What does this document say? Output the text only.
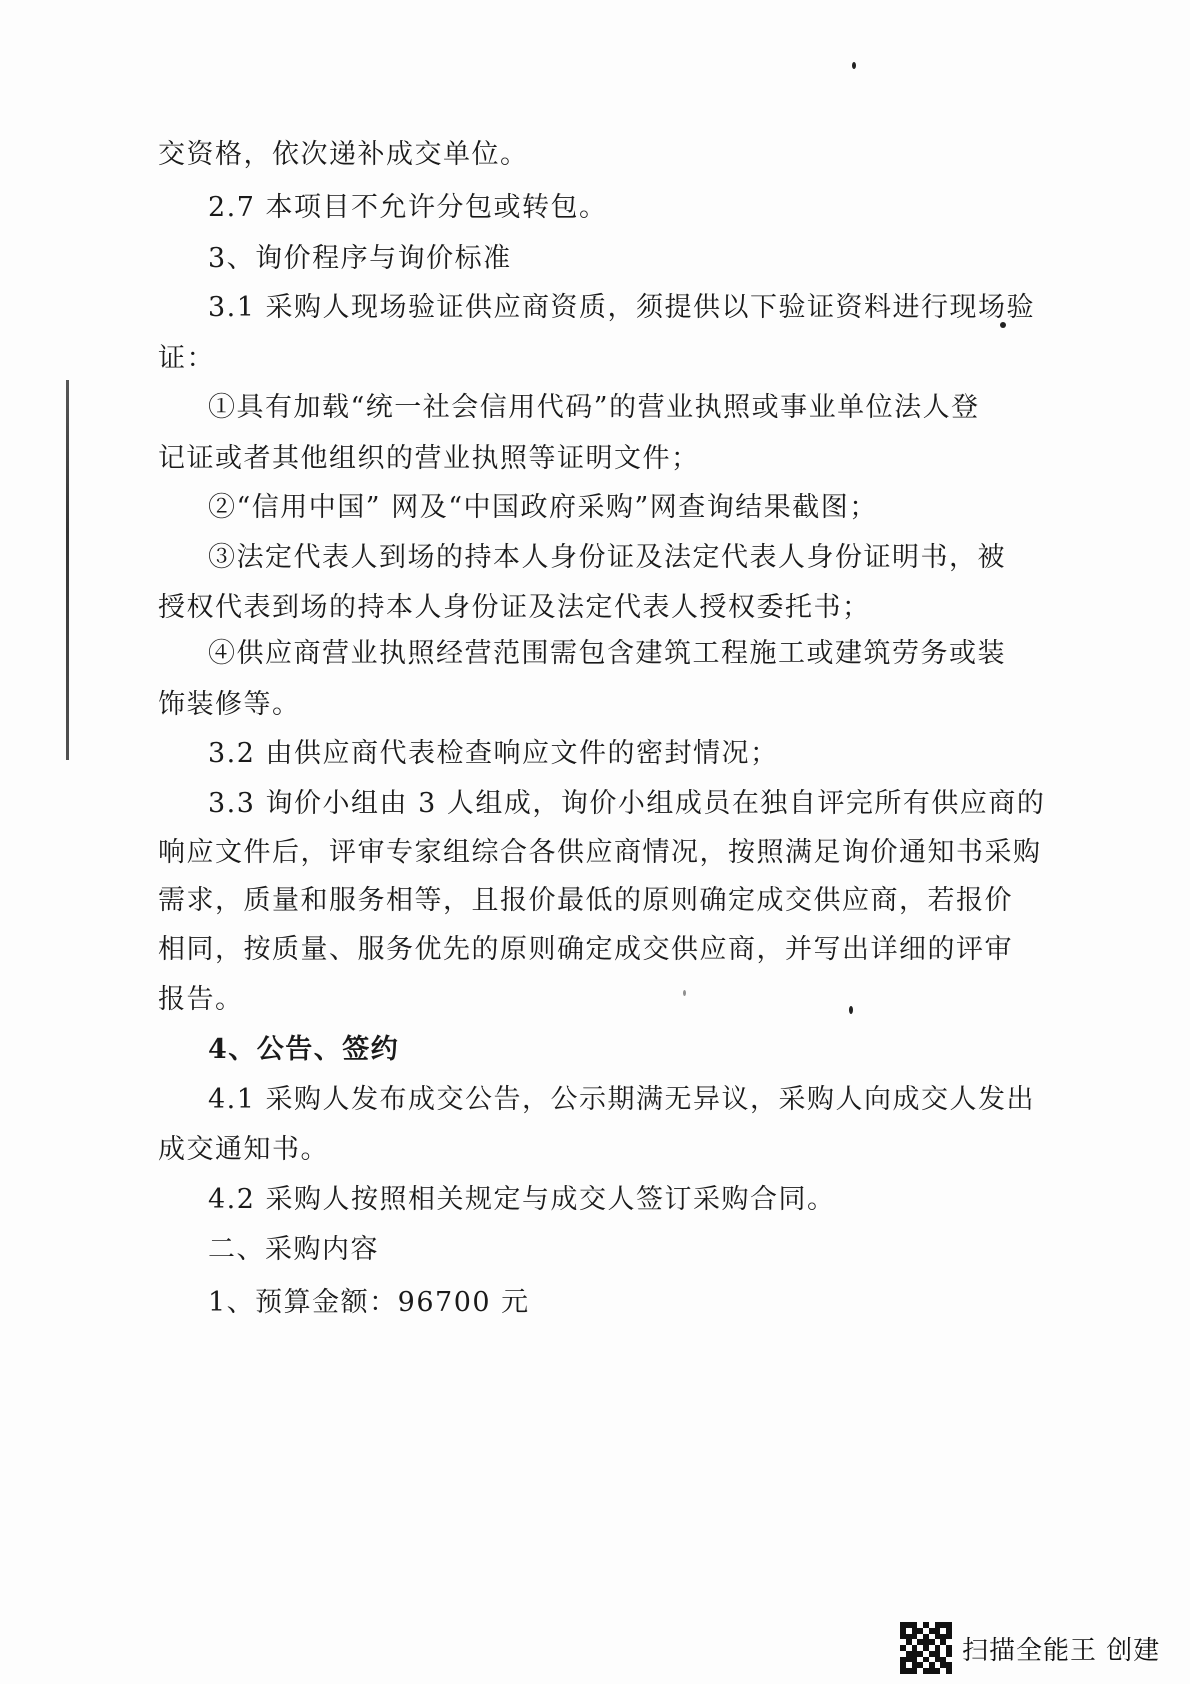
交资格，依次递补成交单位。
2.7 本项目不允许分包或转包。
3、询价程序与询价标准
3.1 采购人现场验证供应商资质，须提供以下验证资料进行现场验
证：
①具有加载“统一社会信用代码”的营业执照或事业单位法人登
记证或者其他组织的营业执照等证明文件；
②“信用中国” 网及“中国政府采购”网查询结果截图；
③法定代表人到场的持本人身份证及法定代表人身份证明书，被
授权代表到场的持本人身份证及法定代表人授权委托书；
④供应商营业执照经营范围需包含建筑工程施工或建筑劳务或装
饰装修等。
3.2 由供应商代表检查响应文件的密封情况；
3.3 询价小组由 3 人组成，询价小组成员在独自评完所有供应商的
响应文件后，评审专家组综合各供应商情况，按照满足询价通知书采购
需求，质量和服务相等，且报价最低的原则确定成交供应商，若报价
相同，按质量、服务优先的原则确定成交供应商，并写出详细的评审
报告。
4、公告、签约
4.1 采购人发布成交公告，公示期满无异议，采购人向成交人发出
成交通知书。
4.2 采购人按照相关规定与成交人签订采购合同。
二、采购内容
1、预算金额：96700 元
扫描全能王 创建
